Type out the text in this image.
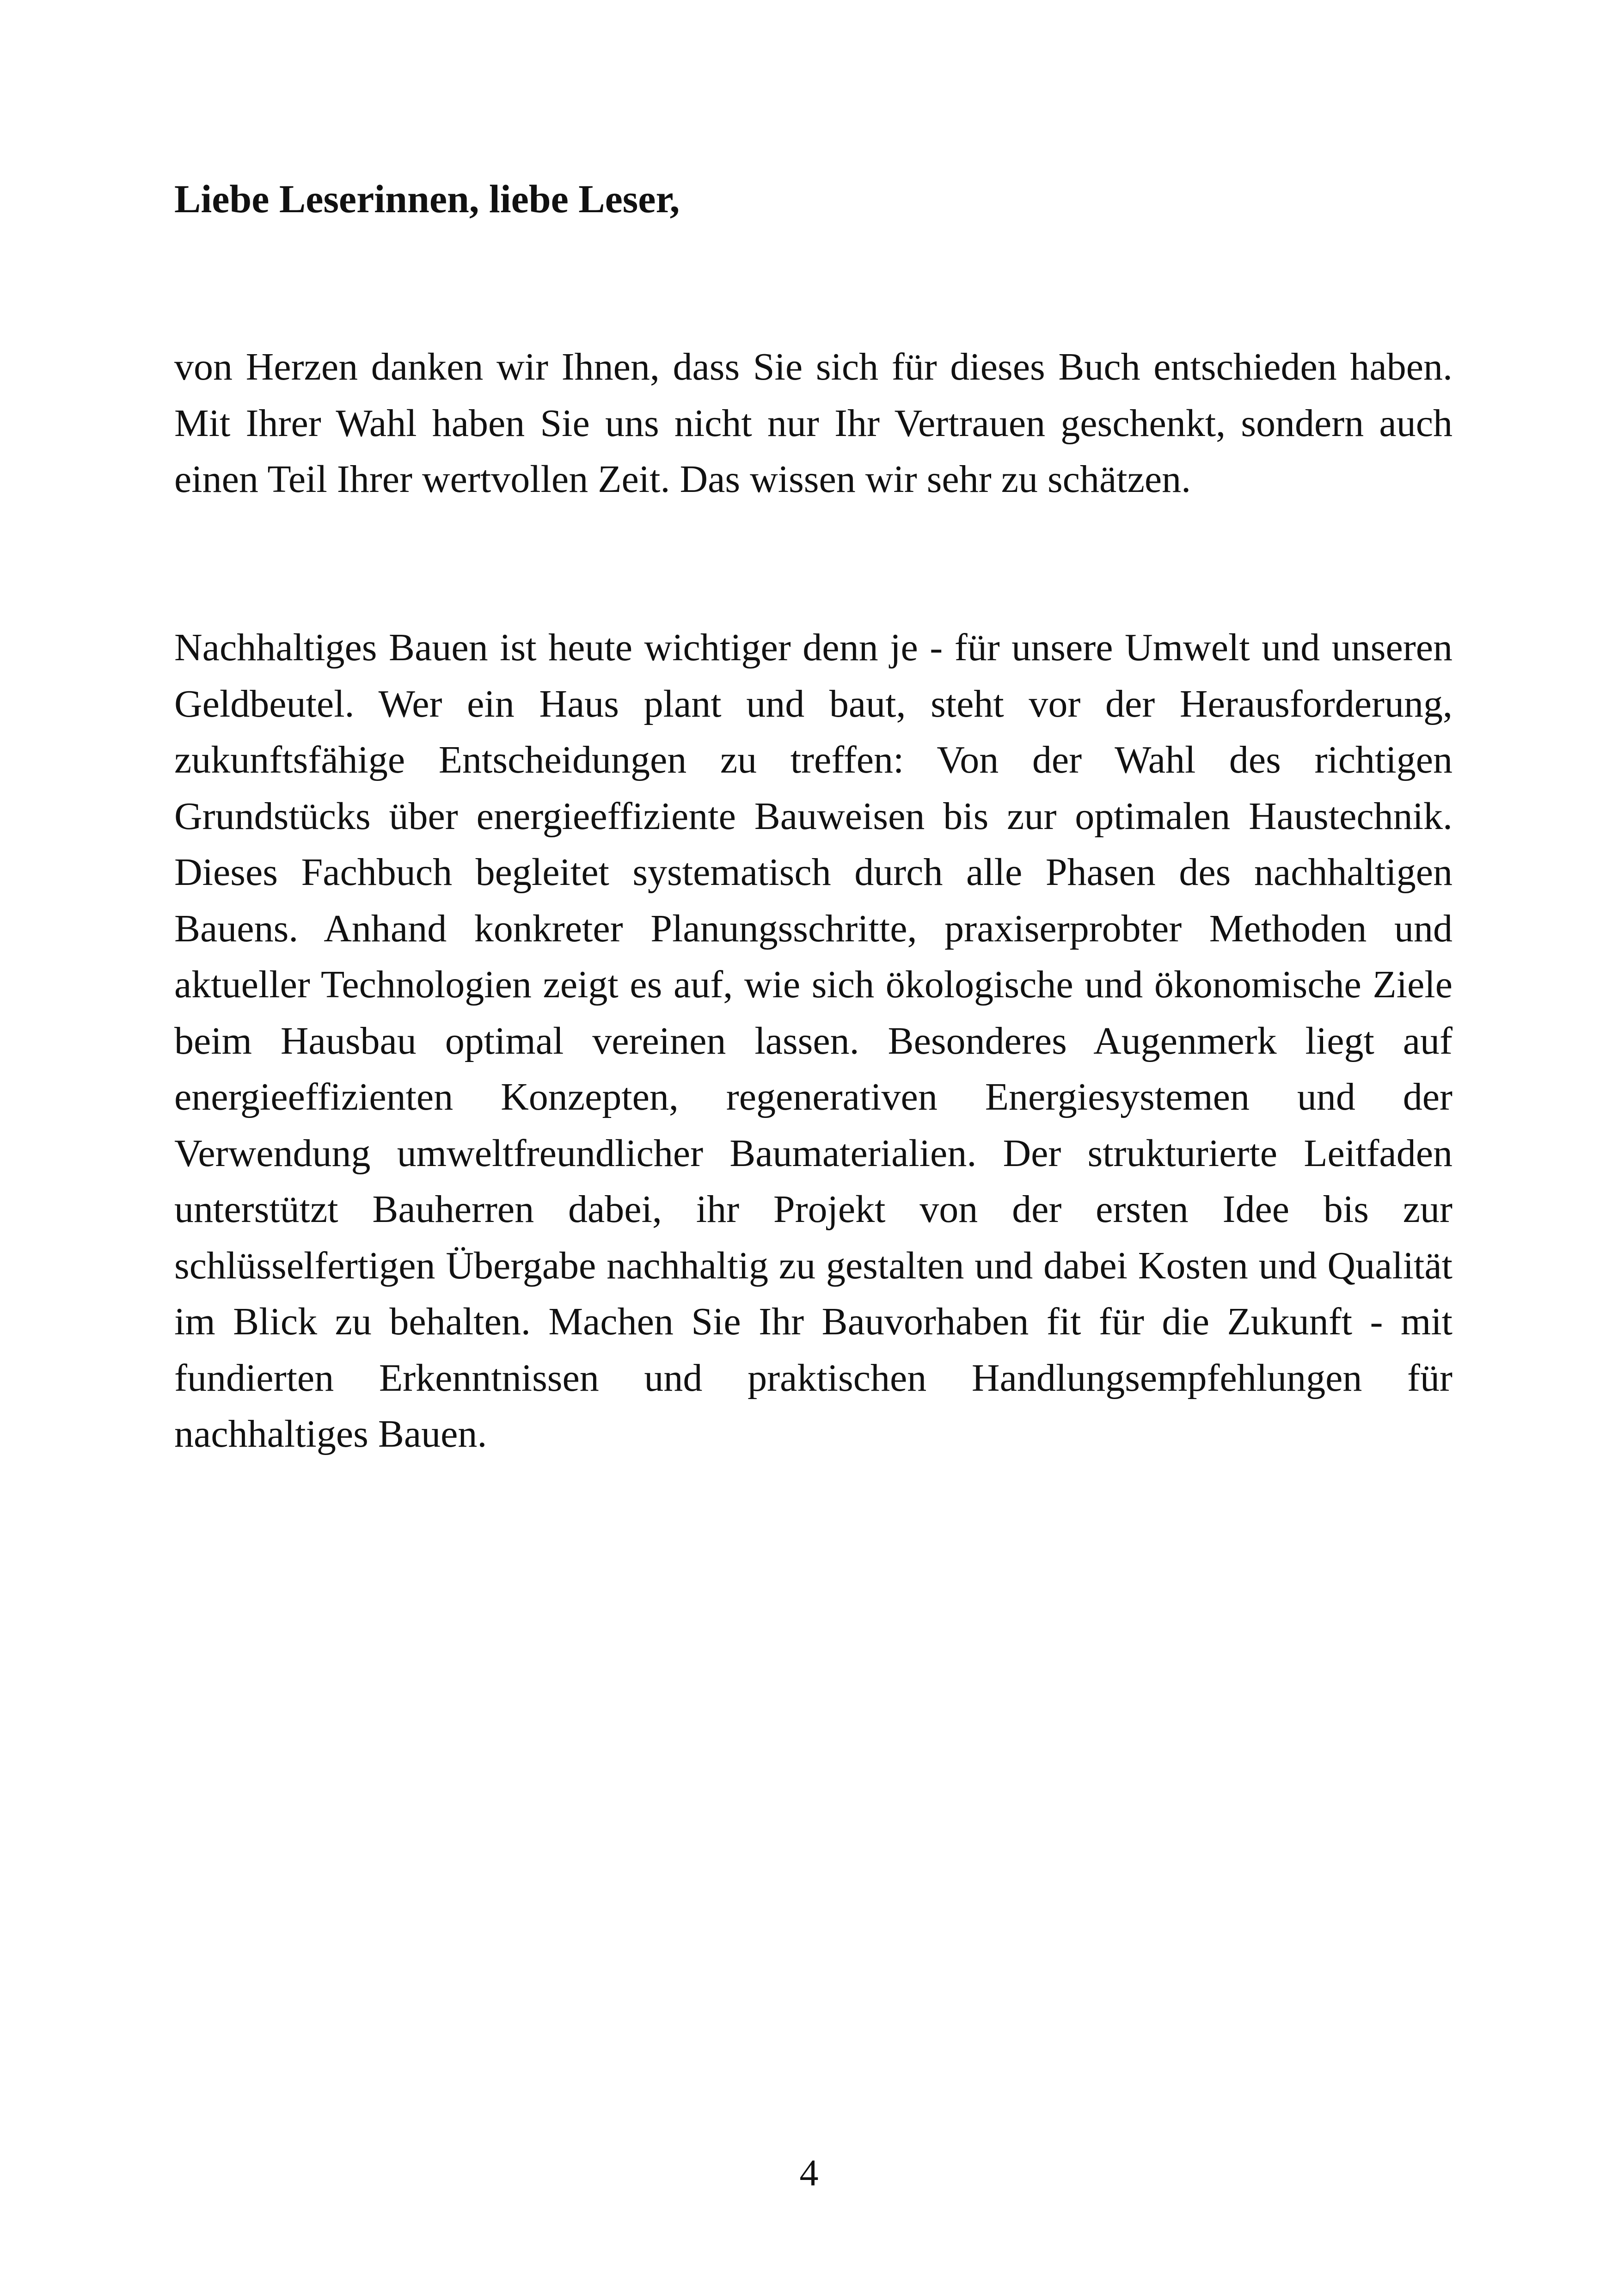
Liebe Leserinnen, liebe Leser,

von Herzen danken wir Ihnen, dass Sie sich für dieses Buch entschieden haben. Mit Ihrer Wahl haben Sie uns nicht nur Ihr Vertrauen geschenkt, sondern auch einen Teil Ihrer wertvollen Zeit. Das wissen wir sehr zu schätzen.

Nachhaltiges Bauen ist heute wichtiger denn je - für unsere Umwelt und unseren Geldbeutel. Wer ein Haus plant und baut, steht vor der Herausforderung, zukunftsfähige Entscheidungen zu treffen: Von der Wahl des richtigen Grundstücks über energieeffiziente Bauweisen bis zur optimalen Haustechnik. Dieses Fachbuch begleitet systematisch durch alle Phasen des nachhaltigen Bauens. Anhand konkreter Planungsschritte, praxiserprobter Methoden und aktueller Technologien zeigt es auf, wie sich ökologische und ökonomische Ziele beim Hausbau optimal vereinen lassen. Besonderes Augenmerk liegt auf energieeffizienten Konzepten, regenerativen Energiesystemen und der Verwendung umweltfreundlicher Baumaterialien. Der strukturierte Leitfaden unterstützt Bauherren dabei, ihr Projekt von der ersten Idee bis zur schlüsselfertigen Übergabe nachhaltig zu gestalten und dabei Kosten und Qualität im Blick zu behalten. Machen Sie Ihr Bauvorhaben fit für die Zukunft - mit fundierten Erkenntnissen und praktischen Handlungsempfehlungen für nachhaltiges Bauen.

4
